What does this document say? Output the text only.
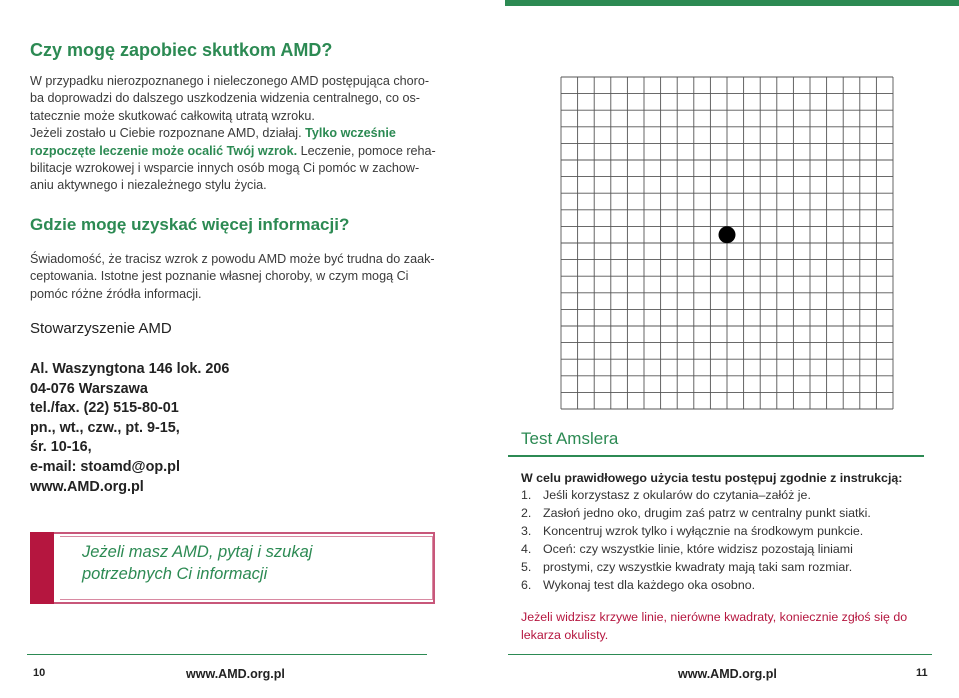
Czy mogę zapobiec skutkom AMD?
W przypadku nierozpoznanego i nieleczonego AMD postępująca choro-
ba doprowadzi do dalszego uszkodzenia widzenia centralnego, co os-
tatecznie może skutkować całkowitą utratą wzroku.
Jeżeli zostało u Ciebie rozpoznane AMD, działaj. Tylko wcześnie
rozpoczęte leczenie może ocalić Twój wzrok. Leczenie, pomoce reha-
bilitacje wzrokowej i wsparcie innych osób mogą Ci pomóc w zachow-
aniu aktywnego i niezależnego stylu życia.
Gdzie mogę uzyskać więcej informacji?
Świadomość, że tracisz wzrok z powodu AMD może być trudna do zaak-
ceptowania. Istotne jest poznanie własnej choroby, w czym mogą Ci
pomóc różne źródła informacji.
Stowarzyszenie AMD
Al. Waszyngtona 146 lok. 206
04-076 Warszawa
tel./fax. (22) 515-80-01
pn., wt., czw., pt. 9-15,
śr. 10-16,
e-mail: stoamd@op.pl
www.AMD.org.pl
Jeżeli masz AMD, pytaj i szukaj
potrzebnych Ci informacji
10	www.AMD.org.pl
Test Amslera
W celu prawidłowego użycia testu postępuj zgodnie z instrukcją:
1. Jeśli korzystasz z okularów do czytania–załóż je.
2. Zasłoń jedno oko, drugim zaś patrz w centralny punkt siatki.
3. Koncentruj wzrok tylko i wyłącznie na środkowym punkcie.
4. Oceń: czy wszystkie linie, które widzisz pozostają liniami
5. prostymi, czy wszystkie kwadraty mają taki sam rozmiar.
6. Wykonaj test dla każdego oka osobno.
Jeżeli widzisz krzywe linie, nierówne kwadraty, koniecznie zgłoś się do
lekarza okulisty.
www.AMD.org.pl	11
